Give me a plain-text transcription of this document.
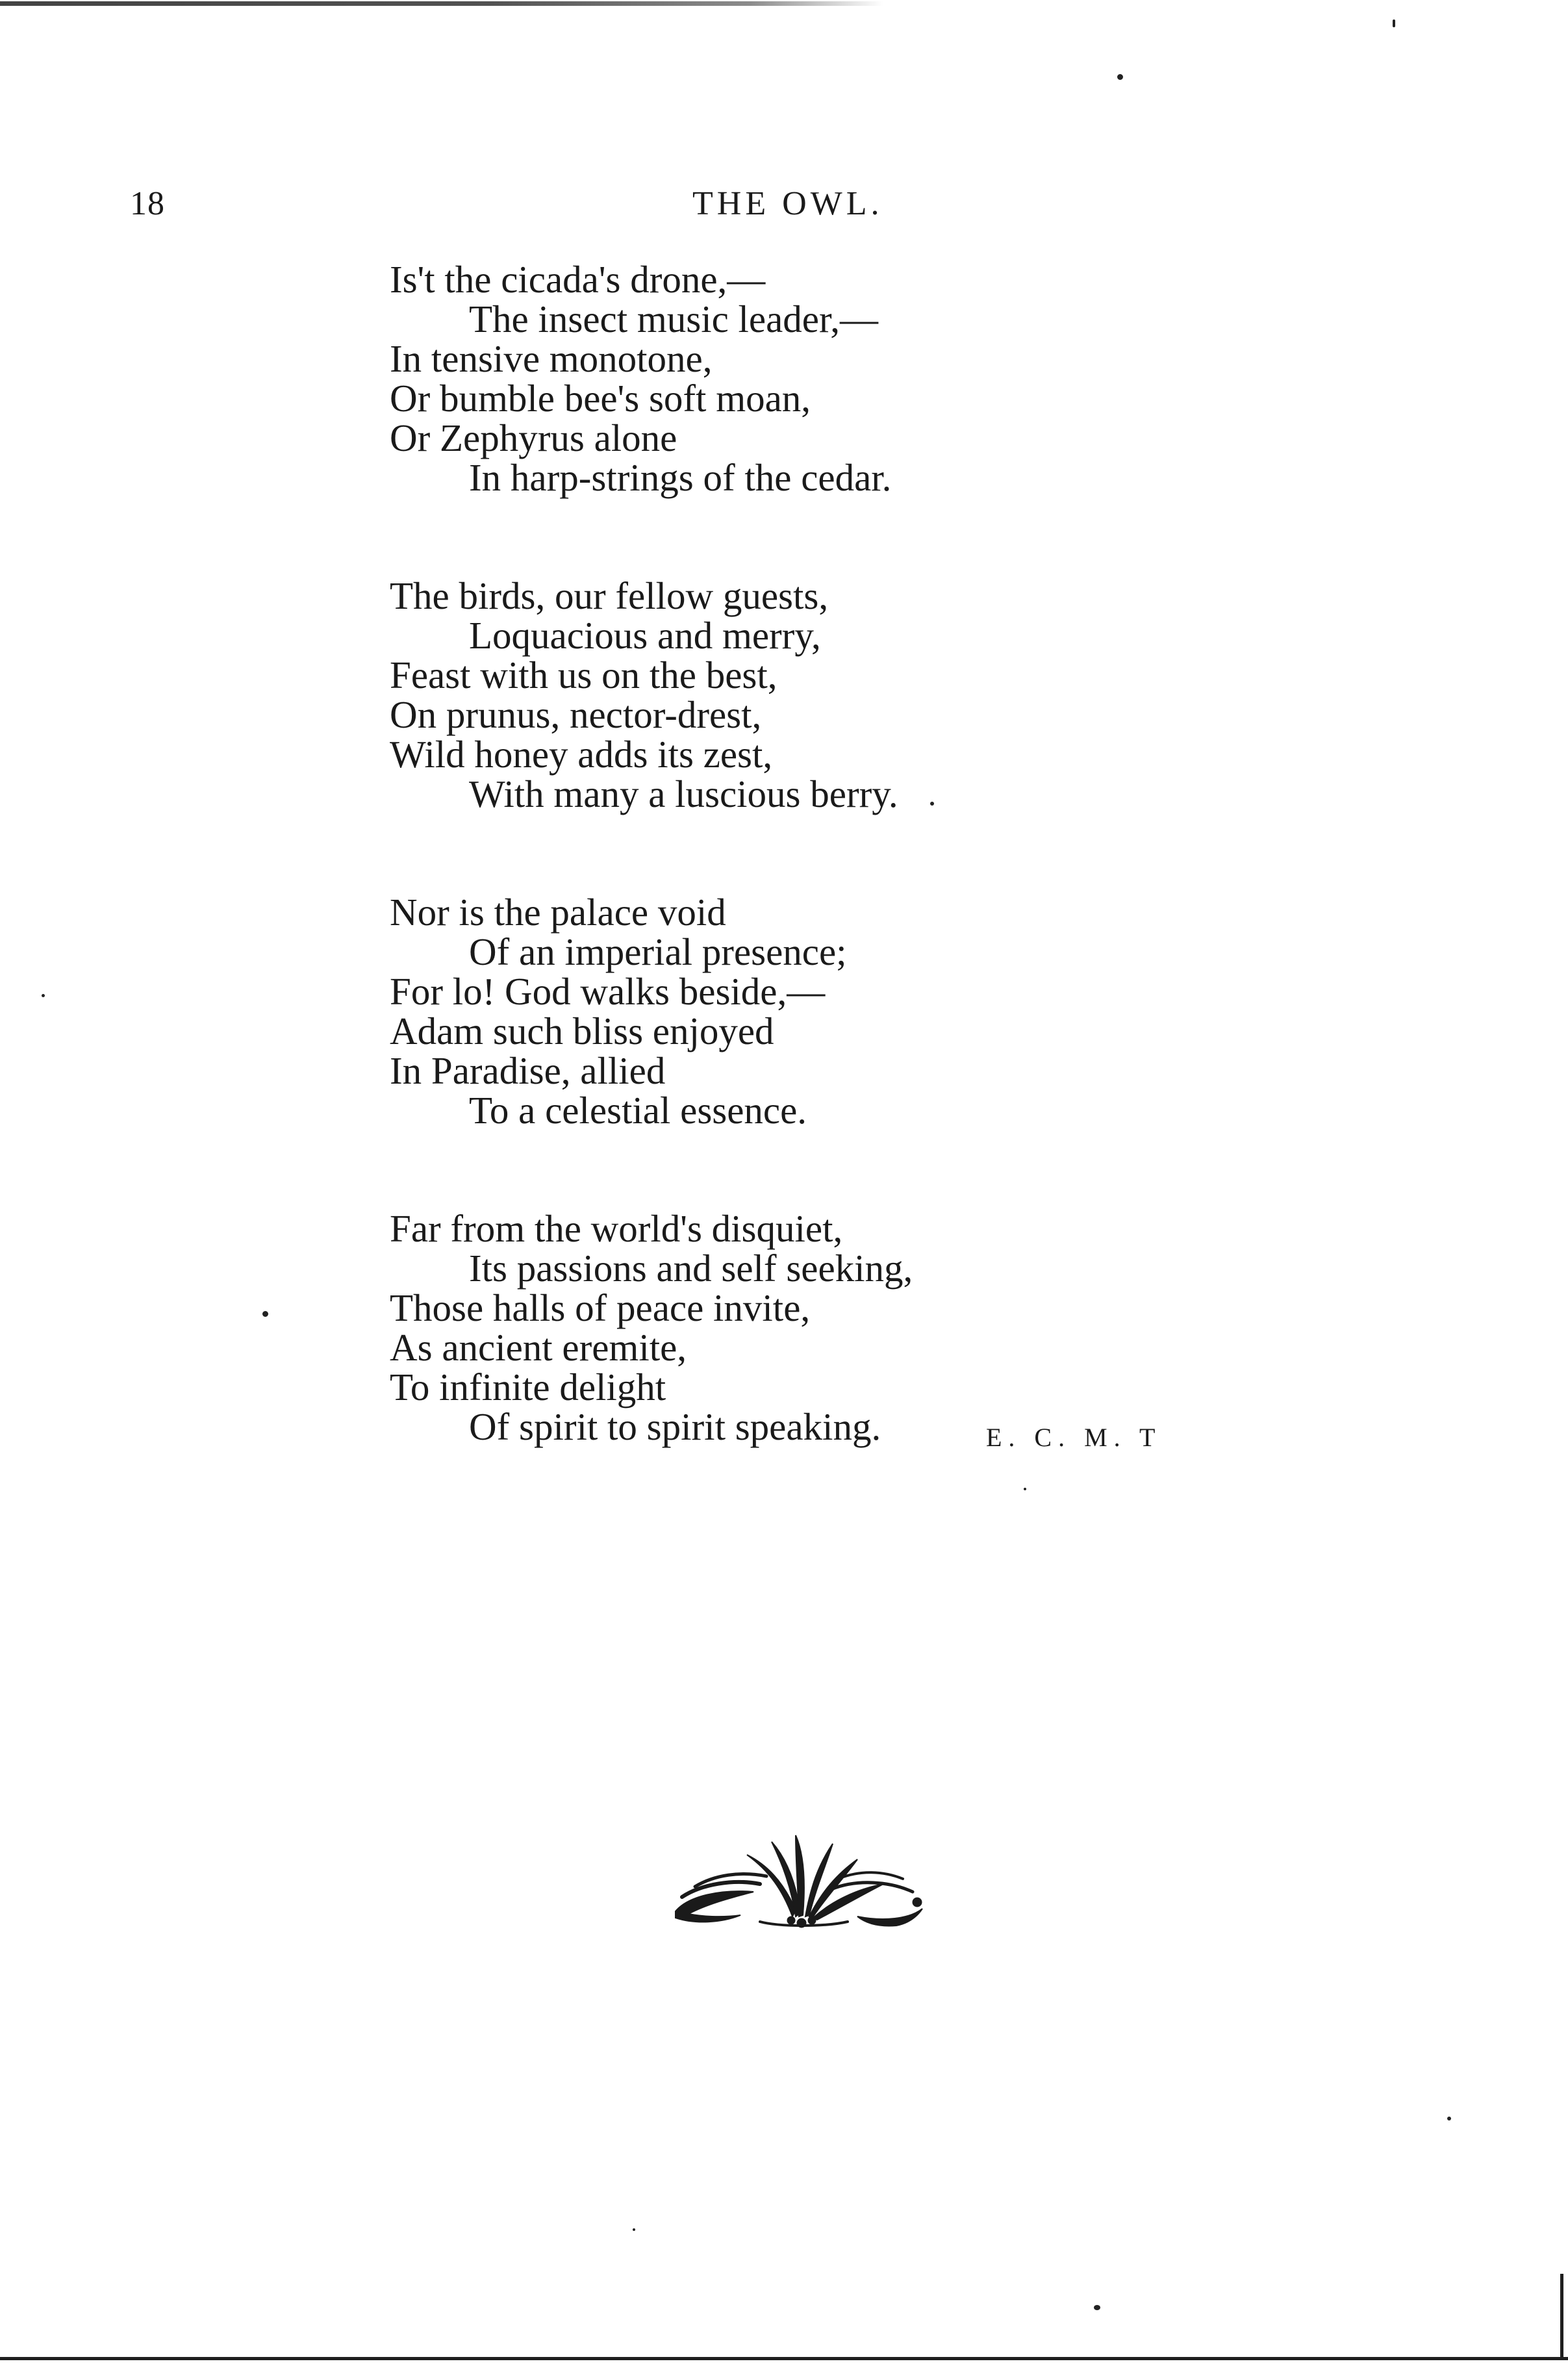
18	THE OWL.
Is't the cicada's drone,—
The insect music leader,—
In tensive monotone,
Or bumble bee's soft moan,
Or Zephyrus alone
In harp-strings of the cedar.
The birds, our fellow guests,
Loquacious and merry,
Feast with us on the best,
On prunus, nector-drest,
Wild honey adds its zest,
With many a luscious berry.
Nor is the palace void
Of an imperial presence;
For lo! God walks beside,—
Adam such bliss enjoyed
In Paradise, allied
To a celestial essence.
Far from the world's disquiet,
Its passions and self seeking,
Those halls of peace invite,
As ancient eremite,
To infinite delight
Of spirit to spirit speaking.	E. C. M. T
